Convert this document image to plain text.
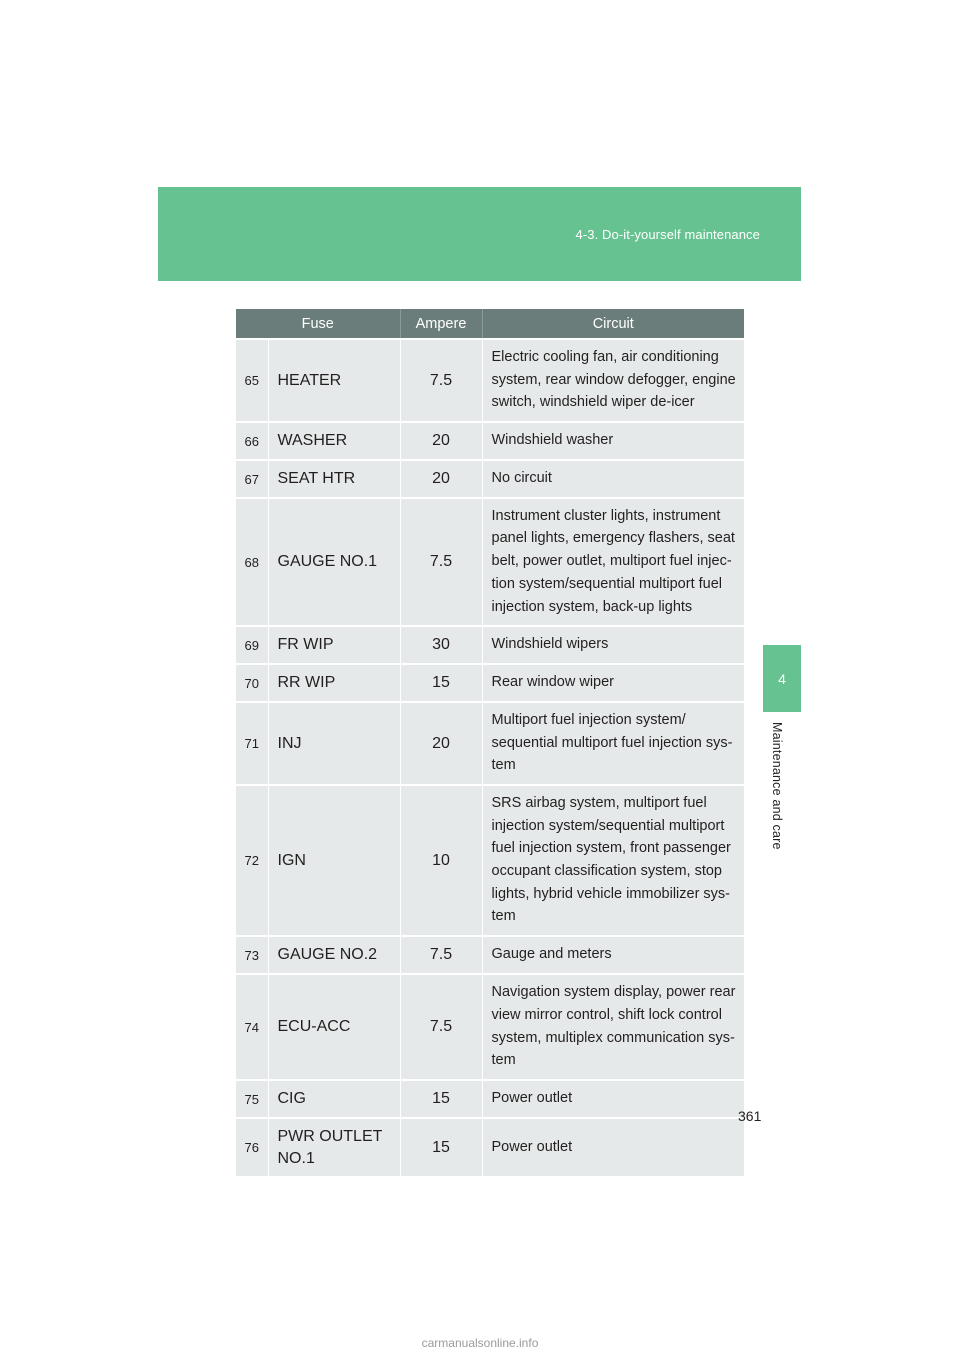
4-3. Do-it-yourself maintenance
4
Maintenance and care
Fuse		Ampere	Circuit
65	HEATER	7.5	Electric cooling fan, air conditioning system, rear window defogger, engine switch, windshield wiper de-icer
66	WASHER	20	Windshield washer
67	SEAT HTR	20	No circuit
68	GAUGE NO.1	7.5	Instrument cluster lights, instrument panel lights, emergency flashers, seat belt, power outlet, multiport fuel injec- tion system/sequential multiport fuel injection system, back-up lights
69	FR WIP	30	Windshield wipers
70	RR WIP	15	Rear window wiper
71	INJ	20	Multiport fuel injection system/ sequential multiport fuel injection sys- tem
72	IGN	10	SRS airbag system, multiport fuel injection system/sequential multiport fuel injection system, front passenger occupant classification system, stop lights, hybrid vehicle immobilizer sys- tem
73	GAUGE NO.2	7.5	Gauge and meters
74	ECU-ACC	7.5	Navigation system display, power rear view mirror control, shift lock control system, multiplex communication sys- tem
75	CIG	15	Power outlet
76	PWR OUTLET NO.1	15	Power outlet
361
carmanualsonline.info
